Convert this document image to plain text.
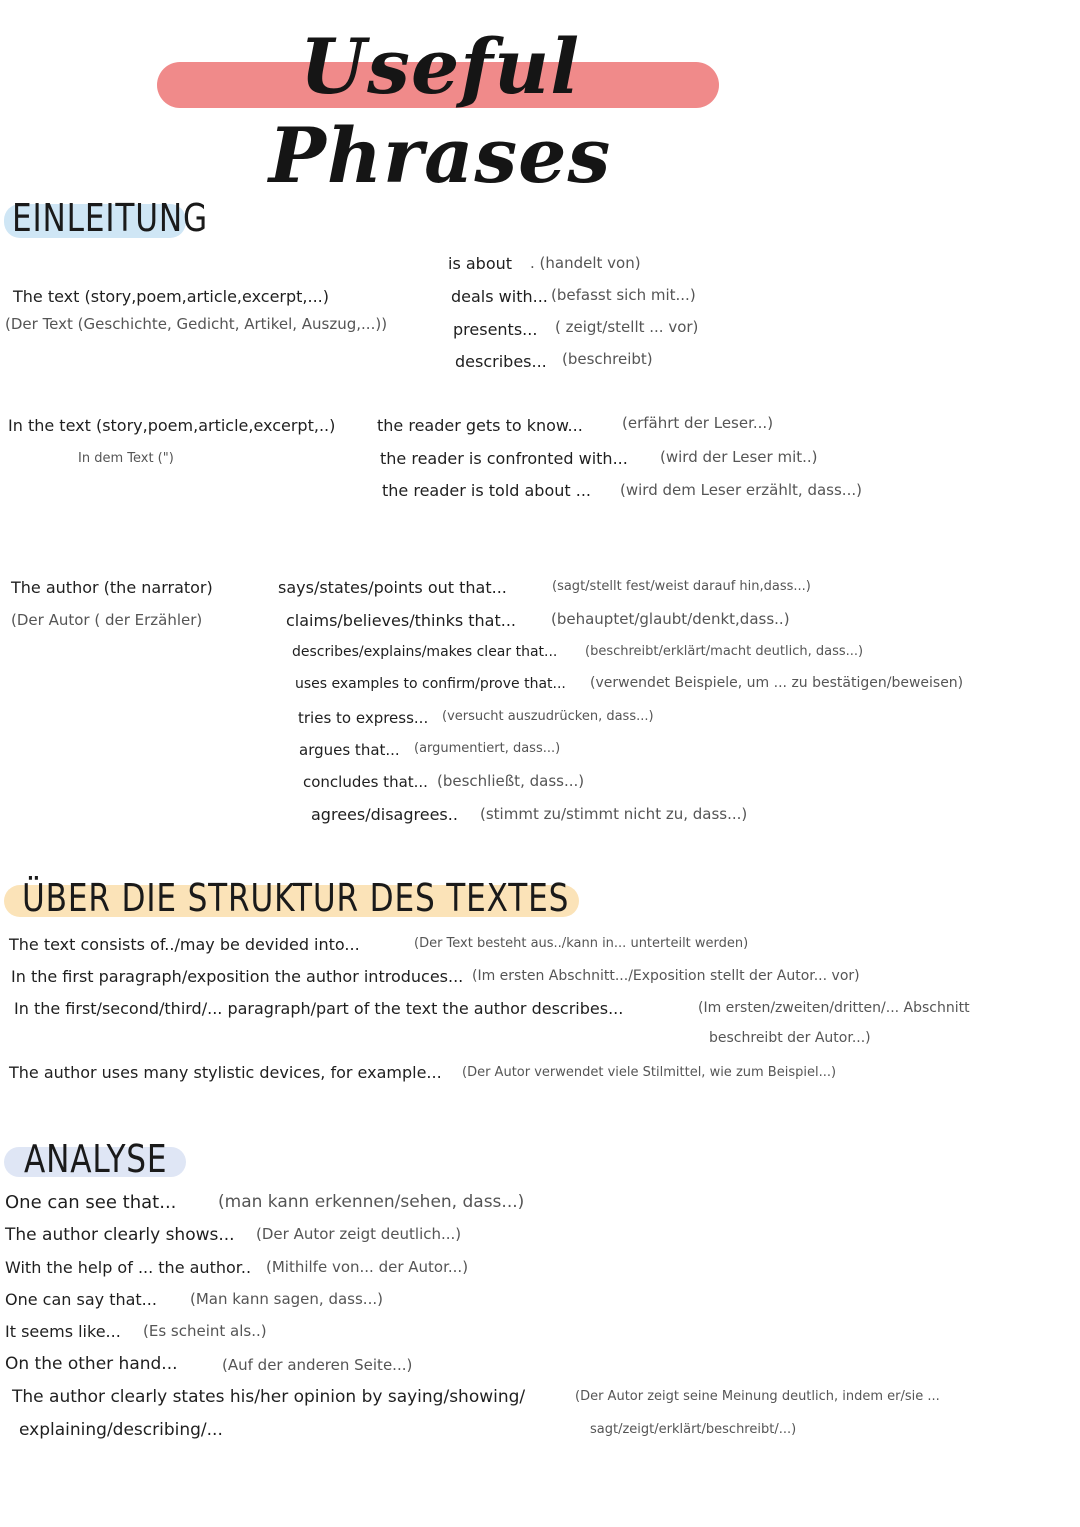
Useful Phrases
EINLEITUNG
The text (story,poem,article,excerpt,...)
(Der Text (Geschichte, Gedicht, Artikel, Auszug,...))
is about . (handelt von)
deals with... (befasst sich mit...)
presents... ( zeigt/stellt ... vor)
describes... (beschreibt)
In the text (story,poem,article,excerpt,..)
In dem Text (")
the reader gets to know...	(erfährt der Leser...)
the reader is confronted with... (wird der Leser mit..)
the reader is told about ... (wird dem Leser erzählt, dass...)
The author (the narrator)
(Der Autor ( der Erzähler)
says/states/points out that...	(sagt/stellt fest/weist darauf hin,dass...)
claims/believes/thinks that... (behauptet/glaubt/denkt,dass..)
describes/explains/makes clear that... (beschreibt/erklärt/macht deutlich, dass...)
uses examples to confirm/prove that... (verwendet Beispiele, um ... zu bestätigen/beweisen)
tries to express... (versucht auszudrücken, dass...)
argues that... (argumentiert, dass...)
concludes that... (beschließt, dass...)
agrees/disagrees.. (stimmt zu/stimmt nicht zu, dass...)
ÜBER DIE STRUKTUR DES TEXTES
The text consists of../may be devided into...	(Der Text besteht aus../kann in... unterteilt werden)
In the first paragraph/exposition the author introduces... (Im ersten Abschnitt.../Exposition stellt der Autor... vor)
In the first/second/third/... paragraph/part of the text the author describes...	(Im ersten/zweiten/dritten/... Abschnitt
beschreibt der Autor...)
The author uses many stylistic devices, for example... (Der Autor verwendet viele Stilmittel, wie zum Beispiel...)
ANALYSE
One can see that... (man kann erkennen/sehen, dass...)
The author clearly shows... (Der Autor zeigt deutlich...)
With the help of ... the author.. (Mithilfe von... der Autor...)
One can say that... (Man kann sagen, dass...)
It seems like... (Es scheint als..)
On the other hand...	(Auf der anderen Seite...)
The author clearly states his/her opinion by saying/showing/	(Der Autor zeigt seine Meinung deutlich, indem er/sie ...
explaining/describing/...	sagt/zeigt/erklärt/beschreibt/...)
